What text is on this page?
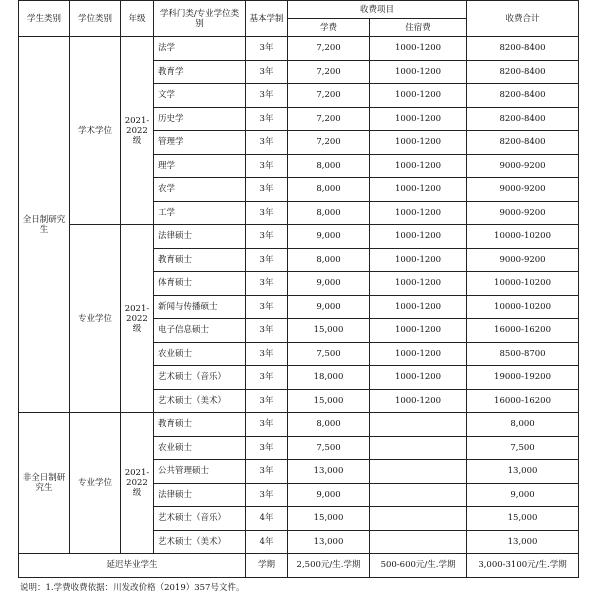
学生类别	学位类别	年级	学科门类/专业学位类别	基本学制	收费项目		收费合计
					学费	住宿费	
全日制研究生	学术学位	2021-2022级	法学	3年	7,200	1000-1200	8200-8400
			教育学	3年	7,200	1000-1200	8200-8400
			文学	3年	7,200	1000-1200	8200-8400
			历史学	3年	7,200	1000-1200	8200-8400
			管理学	3年	7,200	1000-1200	8200-8400
			理学	3年	8,000	1000-1200	9000-9200
			农学	3年	8,000	1000-1200	9000-9200
			工学	3年	8,000	1000-1200	9000-9200
	专业学位	2021-2022级	法律硕士	3年	9,000	1000-1200	10000-10200
			教育硕士	3年	8,000	1000-1200	9000-9200
			体育硕士	3年	9,000	1000-1200	10000-10200
			新闻与传播硕士	3年	9,000	1000-1200	10000-10200
			电子信息硕士	3年	15,000	1000-1200	16000-16200
			农业硕士	3年	7,500	1000-1200	8500-8700
			艺术硕士（音乐）	3年	18,000	1000-1200	19000-19200
			艺术硕士（美术）	3年	15,000	1000-1200	16000-16200
非全日制研究生	专业学位	2021-2022级	教育硕士	3年	8,000		8,000
			农业硕士	3年	7,500		7,500
			公共管理硕士	3年	13,000		13,000
			法律硕士	3年	9,000		9,000
			艺术硕士（音乐）	4年	15,000		15,000
			艺术硕士（美术）	4年	13,000		13,000
延迟毕业学生				学期	2,500元/生.学期	500-600元/生.学期	3,000-3100元/生.学期
说明：1.学费收费依据：川发改价格（2019）357号文件。
